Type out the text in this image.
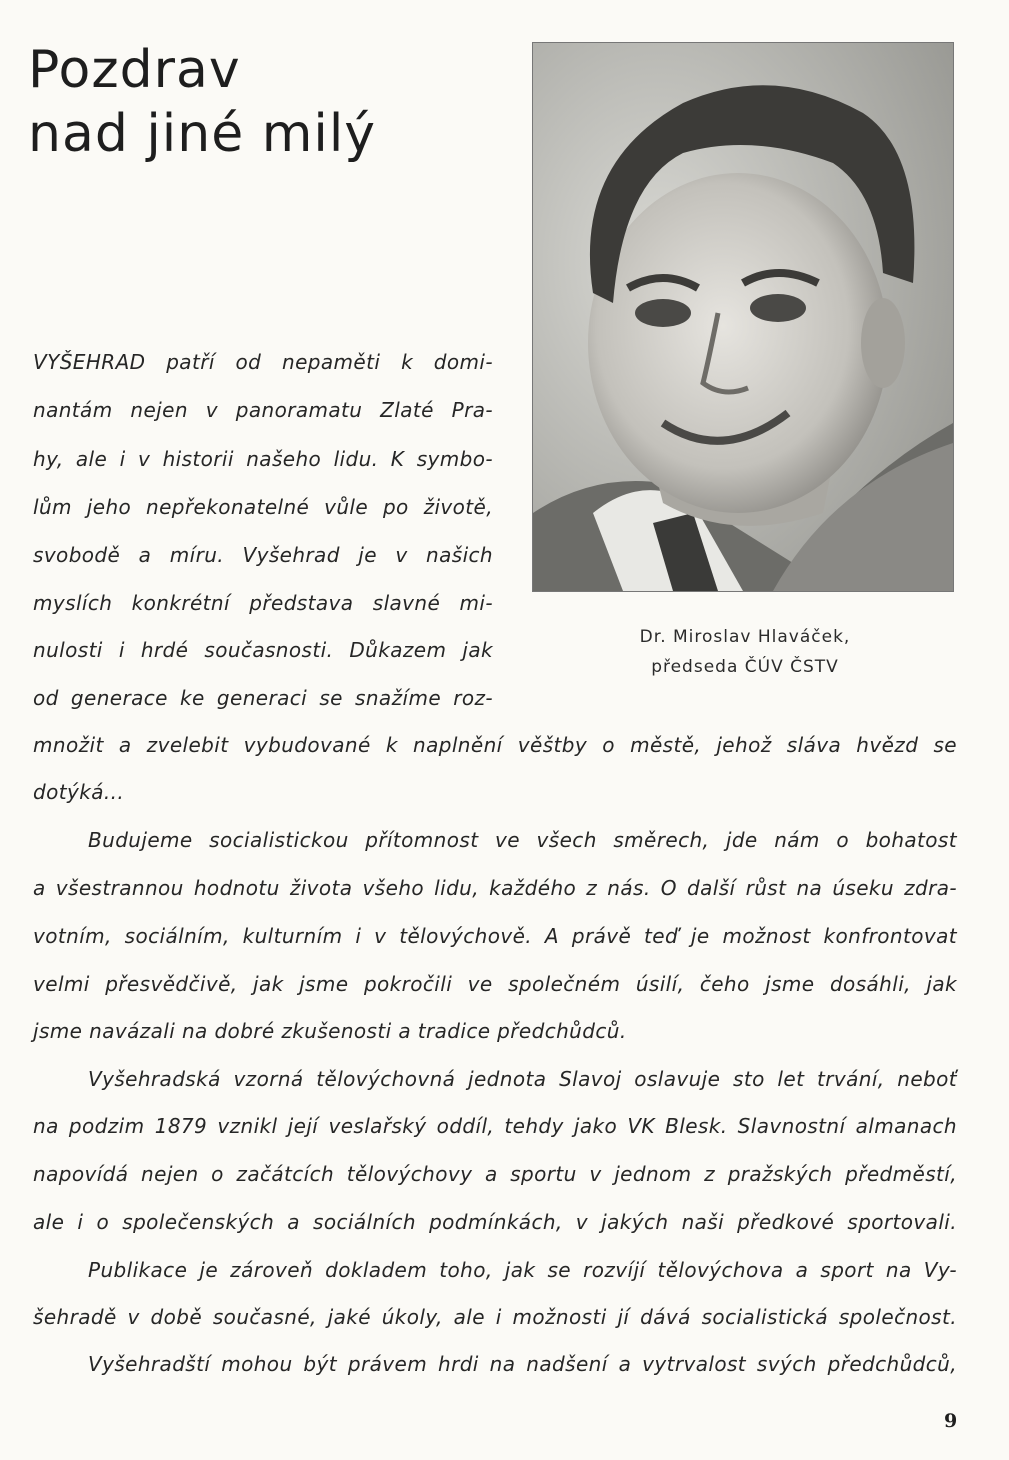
Pozdrav
nad jiné milý
Dr. Miroslav Hlaváček,
předseda ČÚV ČSTV
VYŠEHRAD patří od nepaměti k domi-
nantám nejen v panoramatu Zlaté Pra-
hy, ale i v historii našeho lidu. K symbo-
lům jeho nepřekonatelné vůle po životě,
svobodě a míru. Vyšehrad je v našich
myslích konkrétní představa slavné mi-
nulosti i hrdé současnosti. Důkazem jak
od generace ke generaci se snažíme roz-
množit a zvelebit vybudované k naplnění věštby o městě, jehož sláva hvězd se
dotýká...
Budujeme socialistickou přítomnost ve všech směrech, jde nám o bohatost
a všestrannou hodnotu života všeho lidu, každého z nás. O další růst na úseku zdra-
votním, sociálním, kulturním i v tělovýchově. A právě teď je možnost konfrontovat
velmi přesvědčivě, jak jsme pokročili ve společném úsilí, čeho jsme dosáhli, jak
jsme navázali na dobré zkušenosti a tradice předchůdců.
Vyšehradská vzorná tělovýchovná jednota Slavoj oslavuje sto let trvání, neboť
na podzim 1879 vznikl její veslařský oddíl, tehdy jako VK Blesk. Slavnostní almanach
napovídá nejen o začátcích tělovýchovy a sportu v jednom z pražských předměstí,
ale i o společenských a sociálních podmínkách, v jakých naši předkové sportovali.
Publikace je zároveň dokladem toho, jak se rozvíjí tělovýchova a sport na Vy-
šehradě v době současné, jaké úkoly, ale i možnosti jí dává socialistická společnost.
Vyšehradští mohou být právem hrdi na nadšení a vytrvalost svých předchůdců,
9
